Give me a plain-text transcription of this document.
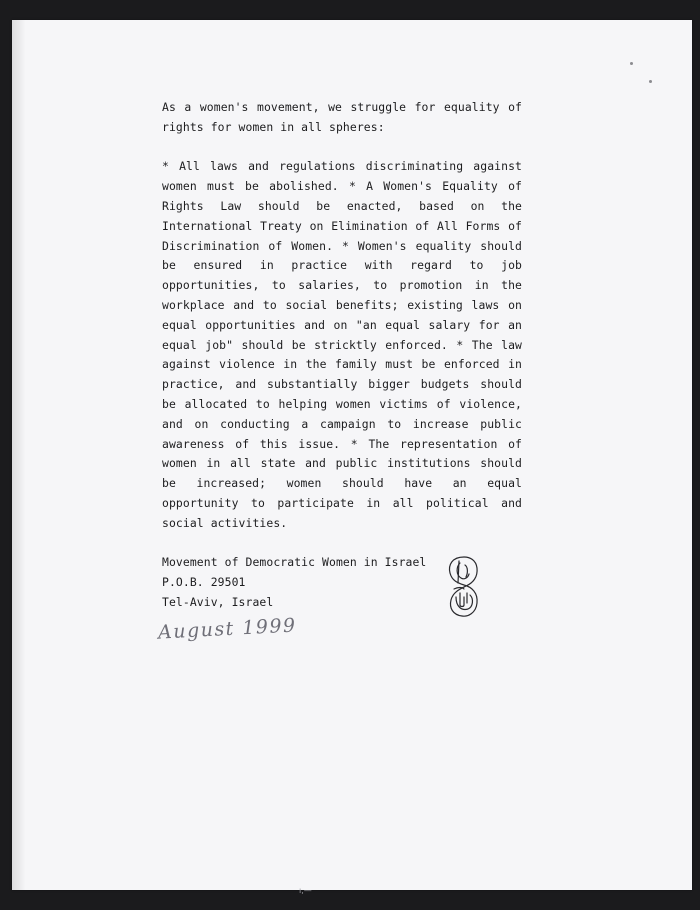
As a women's movement, we struggle for equality of rights for women in all spheres:

* All laws and regulations discriminating against women must be abolished. * A Women's Equality of Rights Law should be enacted, based on the International Treaty on Elimination of All Forms of Discrimination of Women. * Women's equality should be ensured in practice with regard to job opportunities, to salaries, to promotion in the workplace and to social benefits; existing laws on equal opportunities and on "an equal salary for an equal job" should be stricktly enforced. * The law against violence in the family must be enforced in practice, and substantially bigger budgets should be allocated to helping women victims of violence, and on conducting a campaign to increase public awareness of this issue. * The representation of women in all state and public institutions should be increased; women should have an equal opportunity to participate in all political and social activities.

Movement of Democratic Women in Israel
P.O.B. 29501
Tel-Aviv, Israel
August 1999
ı,—
